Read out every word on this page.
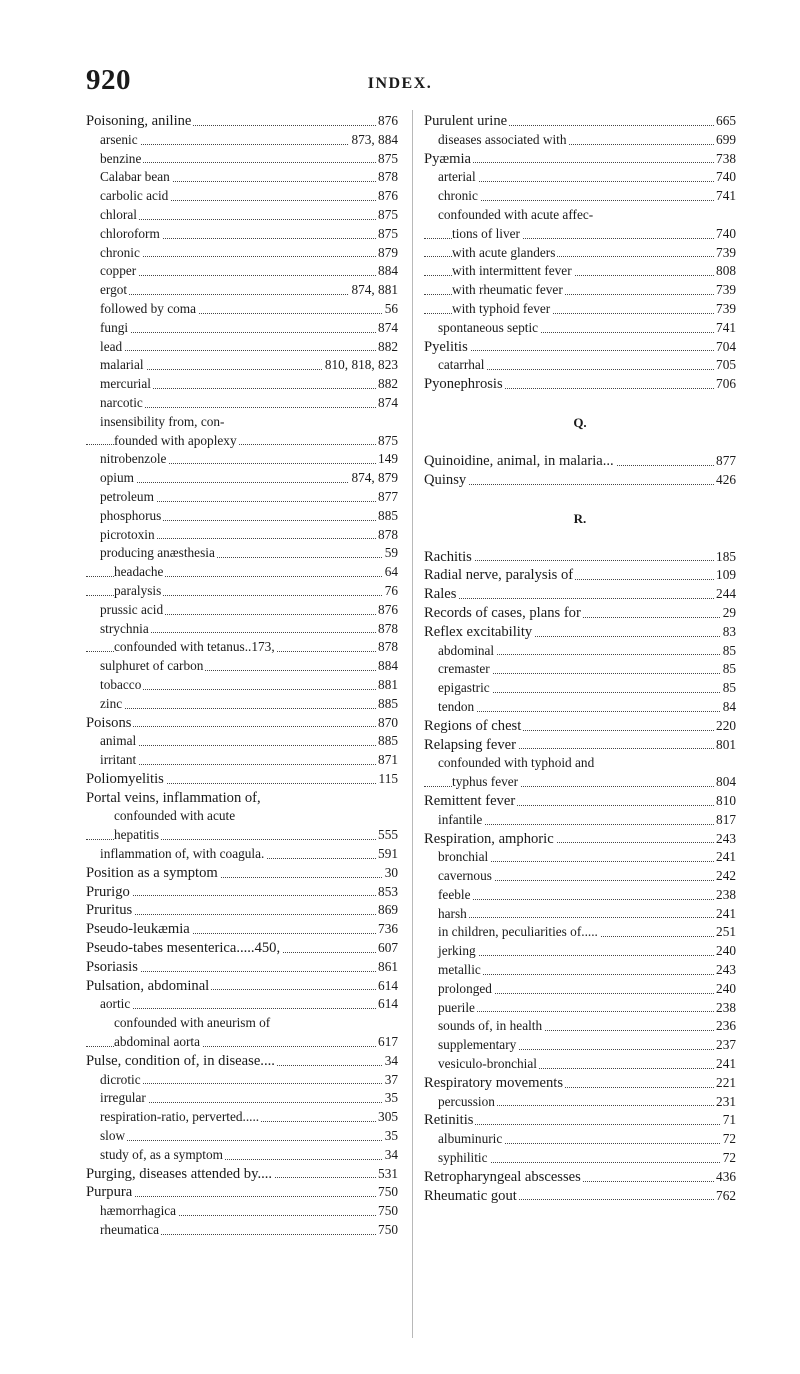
920	INDEX.
Poisoning, aniline	876
arsenic	873, 884
benzine	875
Calabar bean	878
carbolic acid	876
chloral	875
chloroform	875
chronic	879
copper	884
ergot	874, 881
followed by coma	56
fungi	874
lead	882
malarial	810, 818, 823
mercurial	882
narcotic	874
insensibility from, con-
founded with apoplexy	875
nitrobenzole	149
opium	874, 879
petroleum	877
phosphorus	885
picrotoxin	878
producing anæsthesia	59
headache	64
paralysis	76
prussic acid	876
strychnia	878
confounded with tetanus..173,	878
sulphuret of carbon	884
tobacco	881
zinc	885
Poisons	870
animal	885
irritant	871
Poliomyelitis	115
Portal veins, inflammation of,
confounded with acute
hepatitis	555
inflammation of, with coagula.	591
Position as a symptom	30
Prurigo	853
Pruritus	869
Pseudo-leukæmia	736
Pseudo-tabes mesenterica.....450,	607
Psoriasis	861
Pulsation, abdominal	614
aortic	614
confounded with aneurism of
abdominal aorta	617
Pulse, condition of, in disease....	34
dicrotic	37
irregular	35
respiration-ratio, perverted.....	305
slow	35
study of, as a symptom	34
Purging, diseases attended by....	531
Purpura	750
hæmorrhagica	750
rheumatica	750
Purulent urine	665
diseases associated with	699
Pyæmia	738
arterial	740
chronic	741
confounded with acute affec-
tions of liver	740
with acute glanders	739
with intermittent fever	808
with rheumatic fever	739
with typhoid fever	739
spontaneous septic	741
Pyelitis	704
catarrhal	705
Pyonephrosis	706
Q.
Quinoidine, animal, in malaria...	877
Quinsy	426
R.
Rachitis	185
Radial nerve, paralysis of	109
Rales	244
Records of cases, plans for	29
Reflex excitability	83
abdominal	85
cremaster	85
epigastric	85
tendon	84
Regions of chest	220
Relapsing fever	801
confounded with typhoid and
typhus fever	804
Remittent fever	810
infantile	817
Respiration, amphoric	243
bronchial	241
cavernous	242
feeble	238
harsh	241
in children, peculiarities of.....	251
jerking	240
metallic	243
prolonged	240
puerile	238
sounds of, in health	236
supplementary	237
vesiculo-bronchial	241
Respiratory movements	221
percussion	231
Retinitis	71
albuminuric	72
syphilitic	72
Retropharyngeal abscesses	436
Rheumatic gout	762
